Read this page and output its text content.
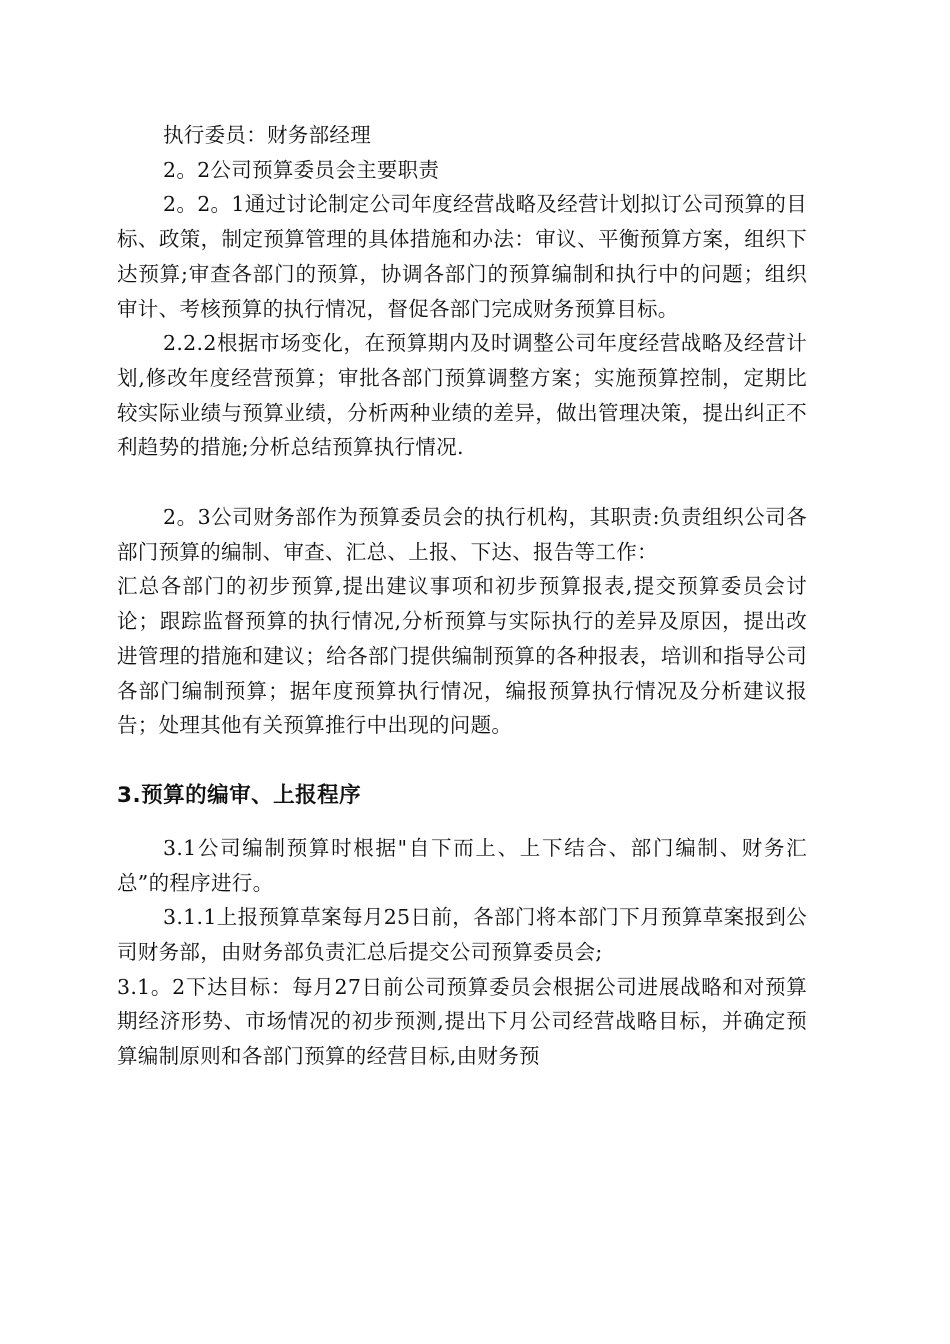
执行委员：财务部经理

2。2公司预算委员会主要职责

2。2。1通过讨论制定公司年度经营战略及经营计划拟订公司预算的目标、政策，制定预算管理的具体措施和办法：审议、平衡预算方案，组织下达预算;审查各部门的预算，协调各部门的预算编制和执行中的问题；组织审计、考核预算的执行情况，督促各部门完成财务预算目标。

2.2.2根据市场变化，在预算期内及时调整公司年度经营战略及经营计划,修改年度经营预算；审批各部门预算调整方案；实施预算控制，定期比较实际业绩与预算业绩，分析两种业绩的差异，做出管理决策，提出纠正不利趋势的措施;分析总结预算执行情况.

2。3公司财务部作为预算委员会的执行机构，其职责:负责组织公司各部门预算的编制、审查、汇总、上报、下达、报告等工作：

汇总各部门的初步预算,提出建议事项和初步预算报表,提交预算委员会讨论；跟踪监督预算的执行情况,分析预算与实际执行的差异及原因，提出改进管理的措施和建议；给各部门提供编制预算的各种报表，培训和指导公司各部门编制预算；据年度预算执行情况，编报预算执行情况及分析建议报告；处理其他有关预算推行中出现的问题。

3.预算的编审、上报程序

3.1公司编制预算时根据"自下而上、上下结合、部门编制、财务汇总”的程序进行。

3.1.1上报预算草案每月25日前，各部门将本部门下月预算草案报到公司财务部，由财务部负责汇总后提交公司预算委员会;

3.1。2下达目标：每月27日前公司预算委员会根据公司进展战略和对预算期经济形势、市场情况的初步预测,提出下月公司经营战略目标，并确定预算编制原则和各部门预算的经营目标,由财务预
